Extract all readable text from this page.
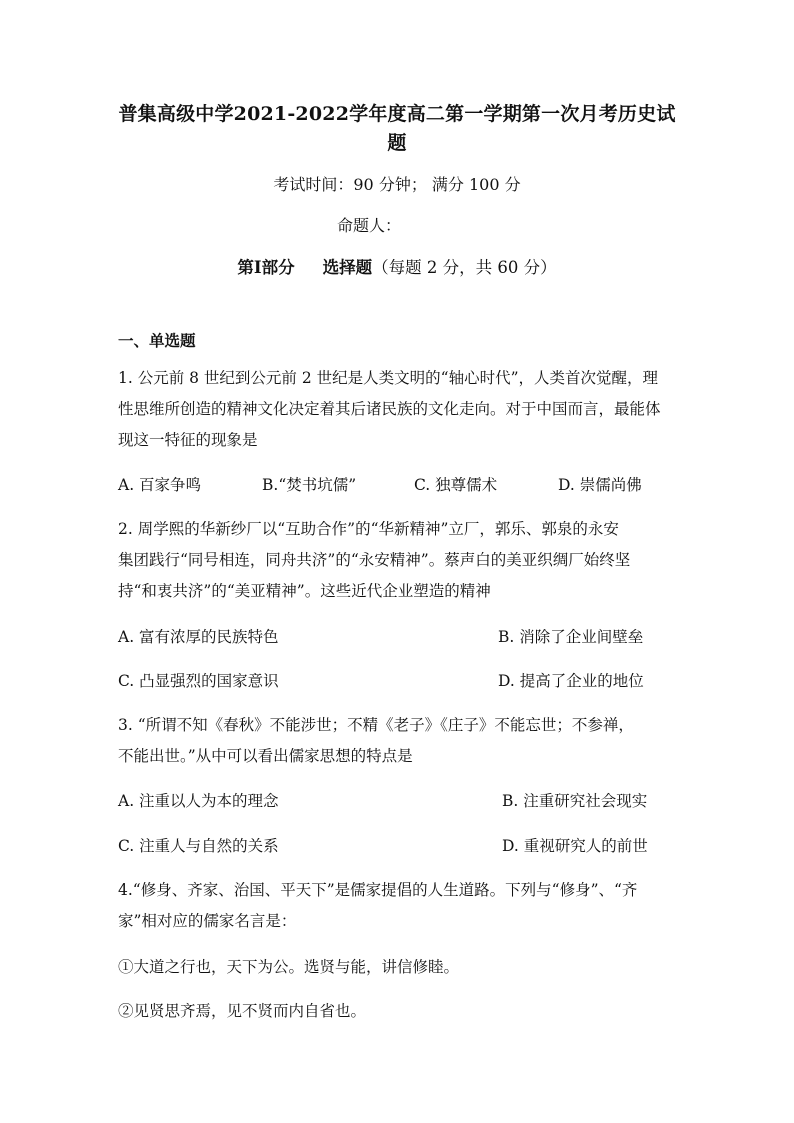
普集高级中学2021-2022学年度高二第一学期第一次月考历史试
题
考试时间：90 分钟； 满分 100 分
命题人：
第Ⅰ部分 选择题（每题 2 分，共 60 分）
一、单选题
1. 公元前 8 世纪到公元前 2 世纪是人类文明的“轴心时代”，人类首次觉醒，理
性思维所创造的精神文化决定着其后诸民族的文化走向。对于中国而言，最能体
现这一特征的现象是
A. 百家争鸣	B.“焚书坑儒”	C. 独尊儒术	D. 崇儒尚佛
2. 周学熙的华新纱厂以“互助合作”的“华新精神”立厂，郭乐、郭泉的永安
集团践行“同号相连，同舟共济”的“永安精神”。蔡声白的美亚织绸厂始终坚
持“和衷共济”的“美亚精神”。这些近代企业塑造的精神
A. 富有浓厚的民族特色	B. 消除了企业间壁垒
C. 凸显强烈的国家意识	D. 提高了企业的地位
3. “所谓不知《春秋》不能涉世；不精《老子》《庄子》不能忘世；不参禅，
不能出世。”从中可以看出儒家思想的特点是
A. 注重以人为本的理念	B. 注重研究社会现实
C. 注重人与自然的关系	D. 重视研究人的前世
4.“修身、齐家、治国、平天下”是儒家提倡的人生道路。下列与“修身”、“齐
家”相对应的儒家名言是：
①大道之行也，天下为公。选贤与能，讲信修睦。
②见贤思齐焉，见不贤而内自省也。
